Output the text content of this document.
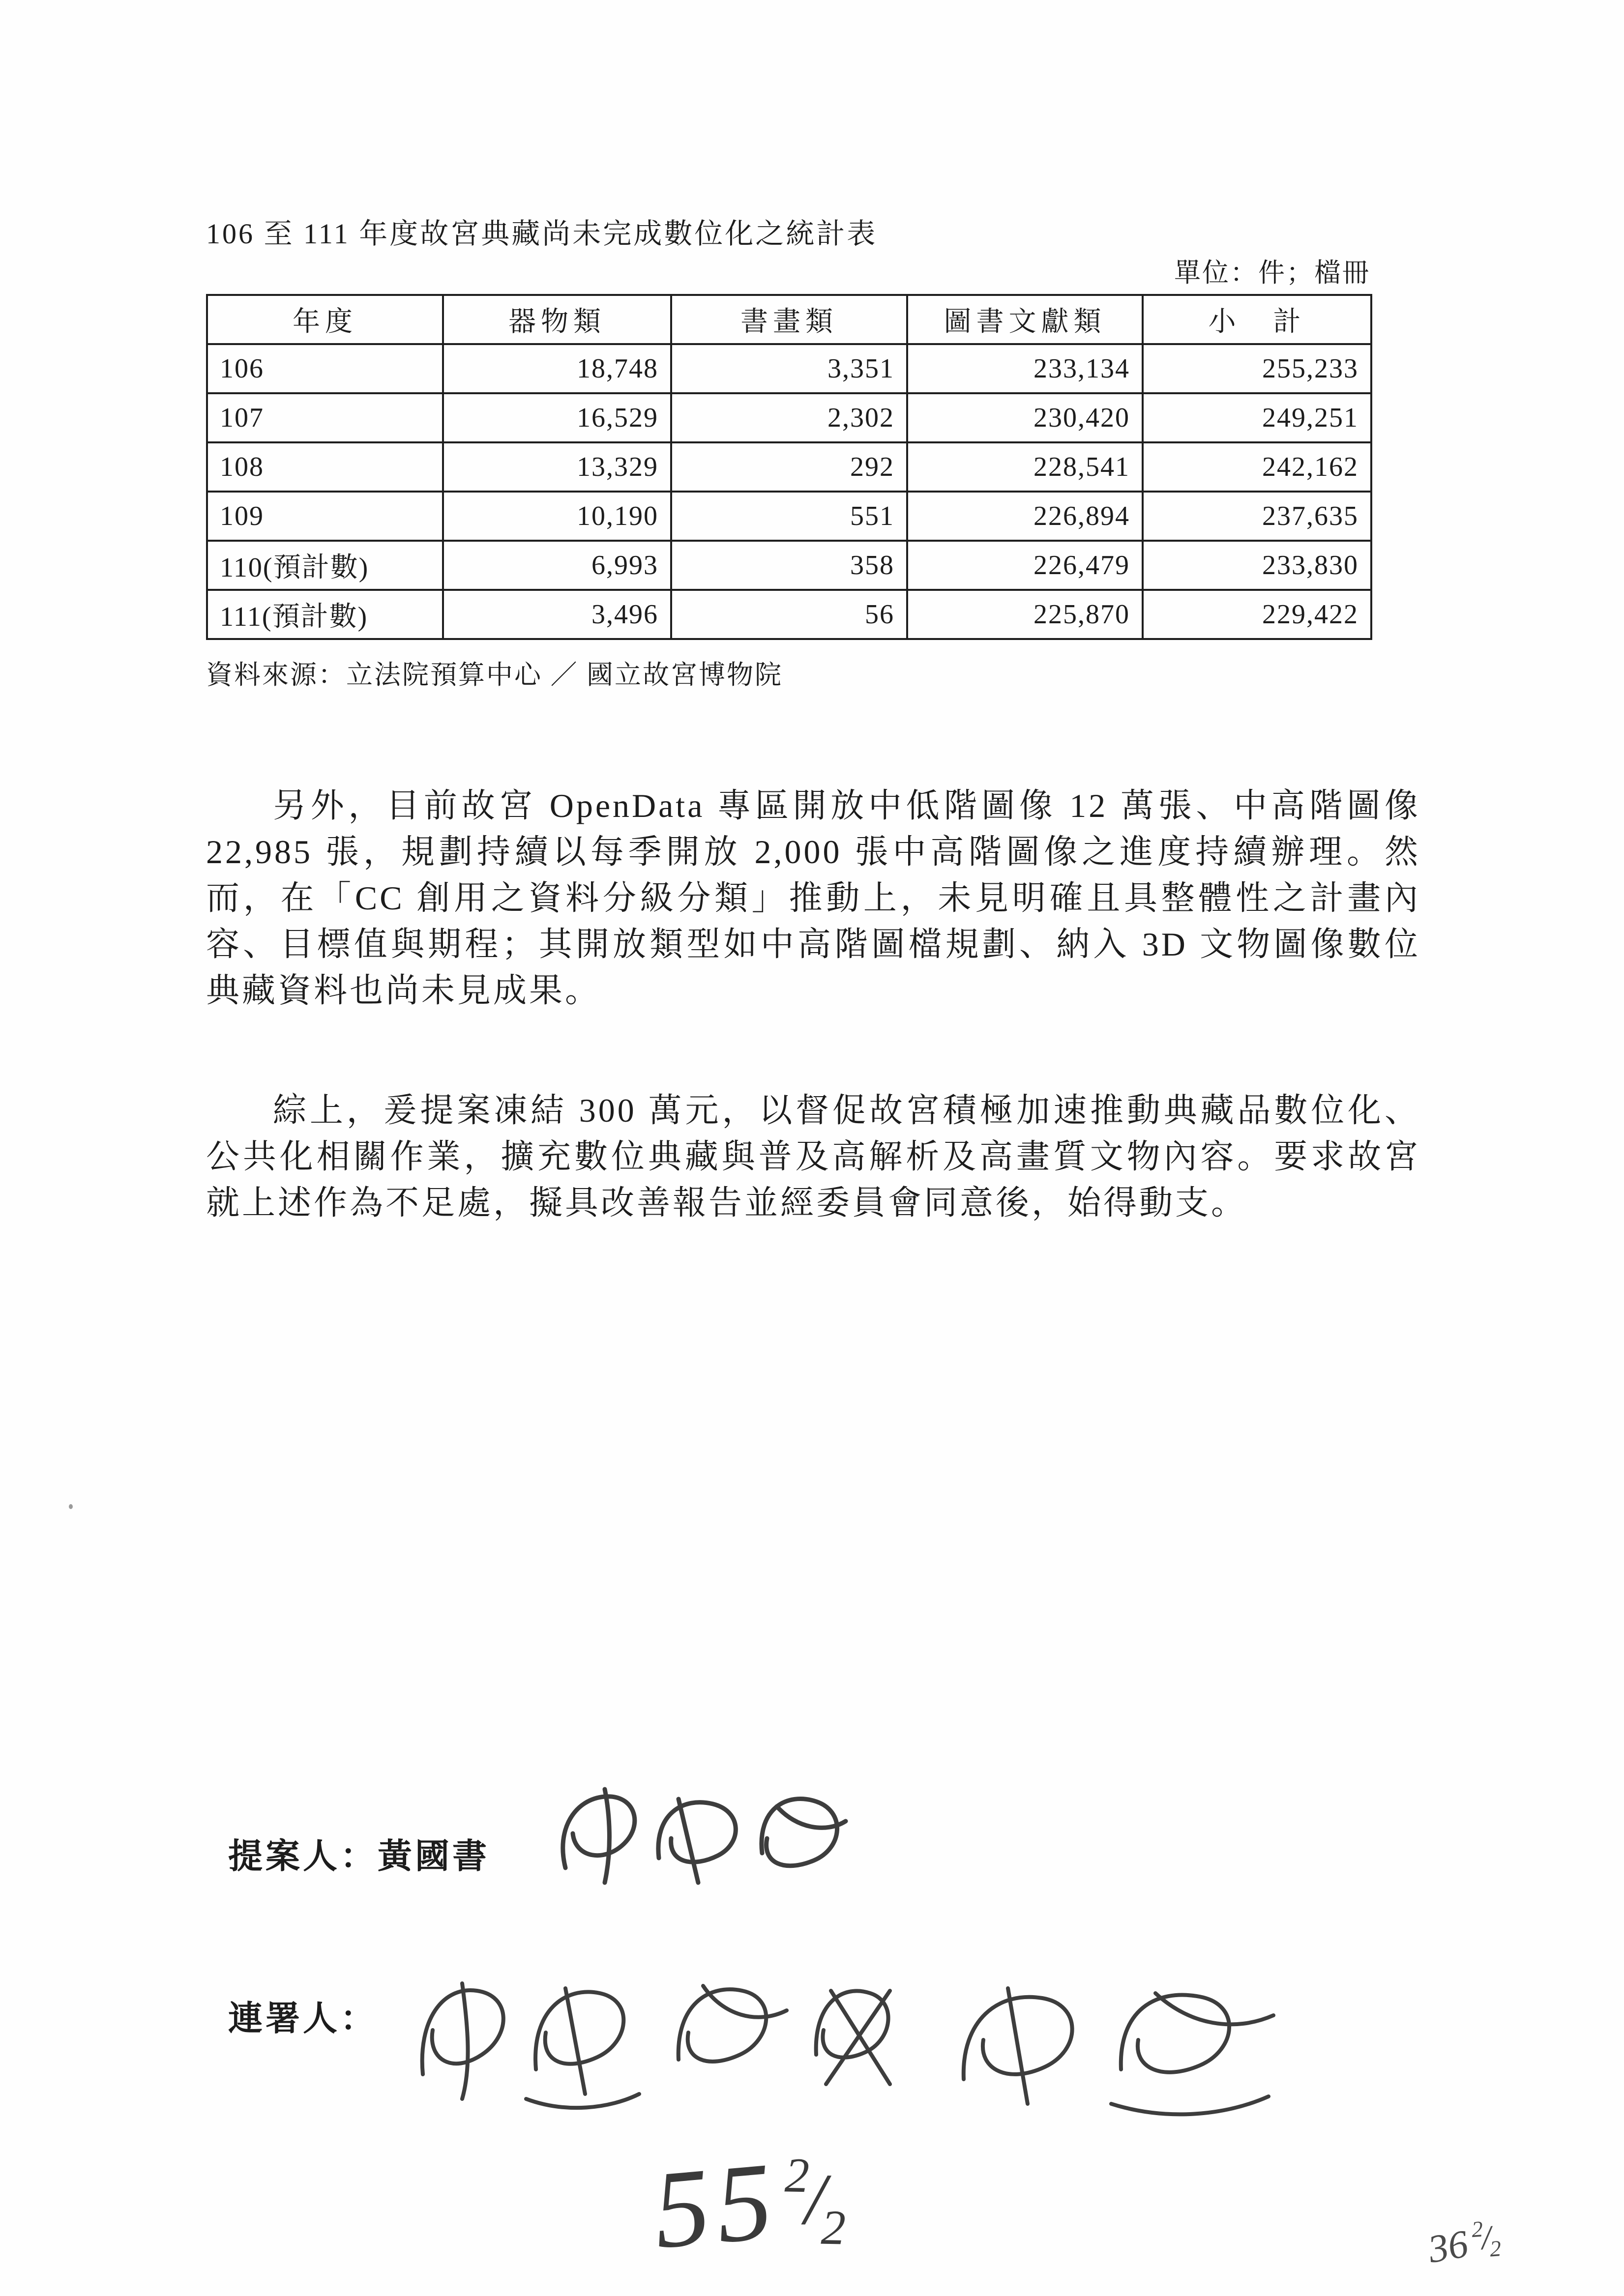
106 至 111 年度故宮典藏尚未完成數位化之統計表
單位：件；檔冊
年度	器物類	書畫類	圖書文獻類	小　計
106	18,748	3,351	233,134	255,233
107	16,529	2,302	230,420	249,251
108	13,329	292	228,541	242,162
109	10,190	551	226,894	237,635
110(預計數)	6,993	358	226,479	233,830
111(預計數)	3,496	56	225,870	229,422
資料來源：立法院預算中心 ／ 國立故宮博物院

另外，目前故宮 OpenData 專區開放中低階圖像 12 萬張、中高階圖像 22,985 張，規劃持續以每季開放 2,000 張中高階圖像之進度持續辦理。然而，在「CC 創用之資料分級分類」推動上，未見明確且具整體性之計畫內容、目標值與期程；其開放類型如中高階圖檔規劃、納入 3D 文物圖像數位典藏資料也尚未見成果。

綜上，爰提案凍結 300 萬元，以督促故宮積極加速推動典藏品數位化、公共化相關作業，擴充數位典藏與普及高解析及高畫質文物內容。要求故宮就上述作為不足處，擬具改善報告並經委員會同意後，始得動支。

提案人：黃國書
連署人：
552/2	362/2
